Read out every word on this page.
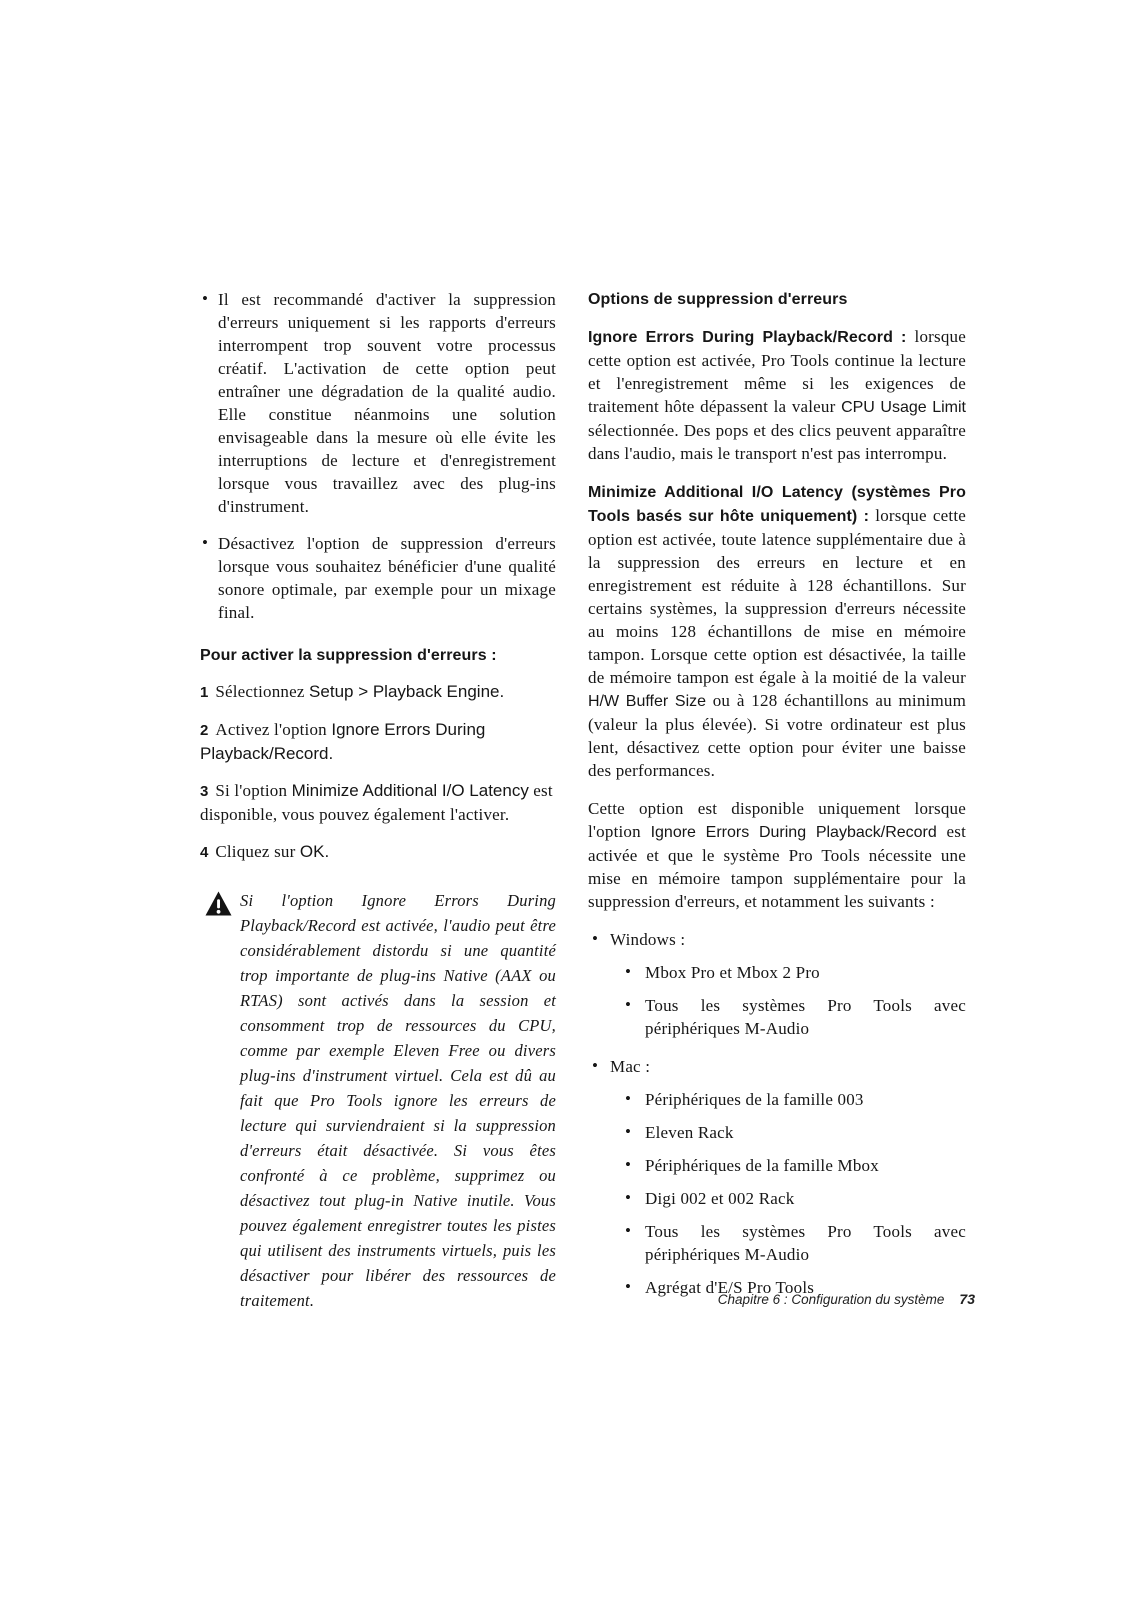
• Il est recommandé d'activer la suppression d'erreurs uniquement si les rapports d'erreurs interrompent trop souvent votre processus créatif. L'activation de cette option peut entraîner une dégradation de la qualité audio. Elle constitue néanmoins une solution envisageable dans la mesure où elle évite les interruptions de lecture et d'enregistrement lorsque vous travaillez avec des plug-ins d'instrument.
• Désactivez l'option de suppression d'erreurs lorsque vous souhaitez bénéficier d'une qualité sonore optimale, par exemple pour un mixage final.
Pour activer la suppression d'erreurs :
1 Sélectionnez Setup > Playback Engine.
2 Activez l'option Ignore Errors During Playback/Record.
3 Si l'option Minimize Additional I/O Latency est disponible, vous pouvez également l'activer.
4 Cliquez sur OK.
Si l'option Ignore Errors During Playback/Record est activée, l'audio peut être considérablement distordu si une quantité trop importante de plug-ins Native (AAX ou RTAS) sont activés dans la session et consomment trop de ressources du CPU, comme par exemple Eleven Free ou divers plug-ins d'instrument virtuel. Cela est dû au fait que Pro Tools ignore les erreurs de lecture qui surviendraient si la suppression d'erreurs était désactivée. Si vous êtes confronté à ce problème, supprimez ou désactivez tout plug-in Native inutile. Vous pouvez également enregistrer toutes les pistes qui utilisent des instruments virtuels, puis les désactiver pour libérer des ressources de traitement.
Options de suppression d'erreurs
Ignore Errors During Playback/Record : lorsque cette option est activée, Pro Tools continue la lecture et l'enregistrement même si les exigences de traitement hôte dépassent la valeur CPU Usage Limit sélectionnée. Des pops et des clics peuvent apparaître dans l'audio, mais le transport n'est pas interrompu.
Minimize Additional I/O Latency (systèmes Pro Tools basés sur hôte uniquement) : lorsque cette option est activée, toute latence supplémentaire due à la suppression des erreurs en lecture et en enregistrement est réduite à 128 échantillons. Sur certains systèmes, la suppression d'erreurs nécessite au moins 128 échantillons de mise en mémoire tampon. Lorsque cette option est désactivée, la taille de mémoire tampon est égale à la moitié de la valeur H/W Buffer Size ou à 128 échantillons au minimum (valeur la plus élevée). Si votre ordinateur est plus lent, désactivez cette option pour éviter une baisse des performances.
Cette option est disponible uniquement lorsque l'option Ignore Errors During Playback/Record est activée et que le système Pro Tools nécessite une mise en mémoire tampon supplémentaire pour la suppression d'erreurs, et notamment les suivants :
• Windows :
• Mbox Pro et Mbox 2 Pro
• Tous les systèmes Pro Tools avec périphériques M-Audio
• Mac :
• Périphériques de la famille 003
• Eleven Rack
• Périphériques de la famille Mbox
• Digi 002 et 002 Rack
• Tous les systèmes Pro Tools avec périphériques M-Audio
• Agrégat d'E/S Pro Tools
Chapitre 6 : Configuration du système 73
